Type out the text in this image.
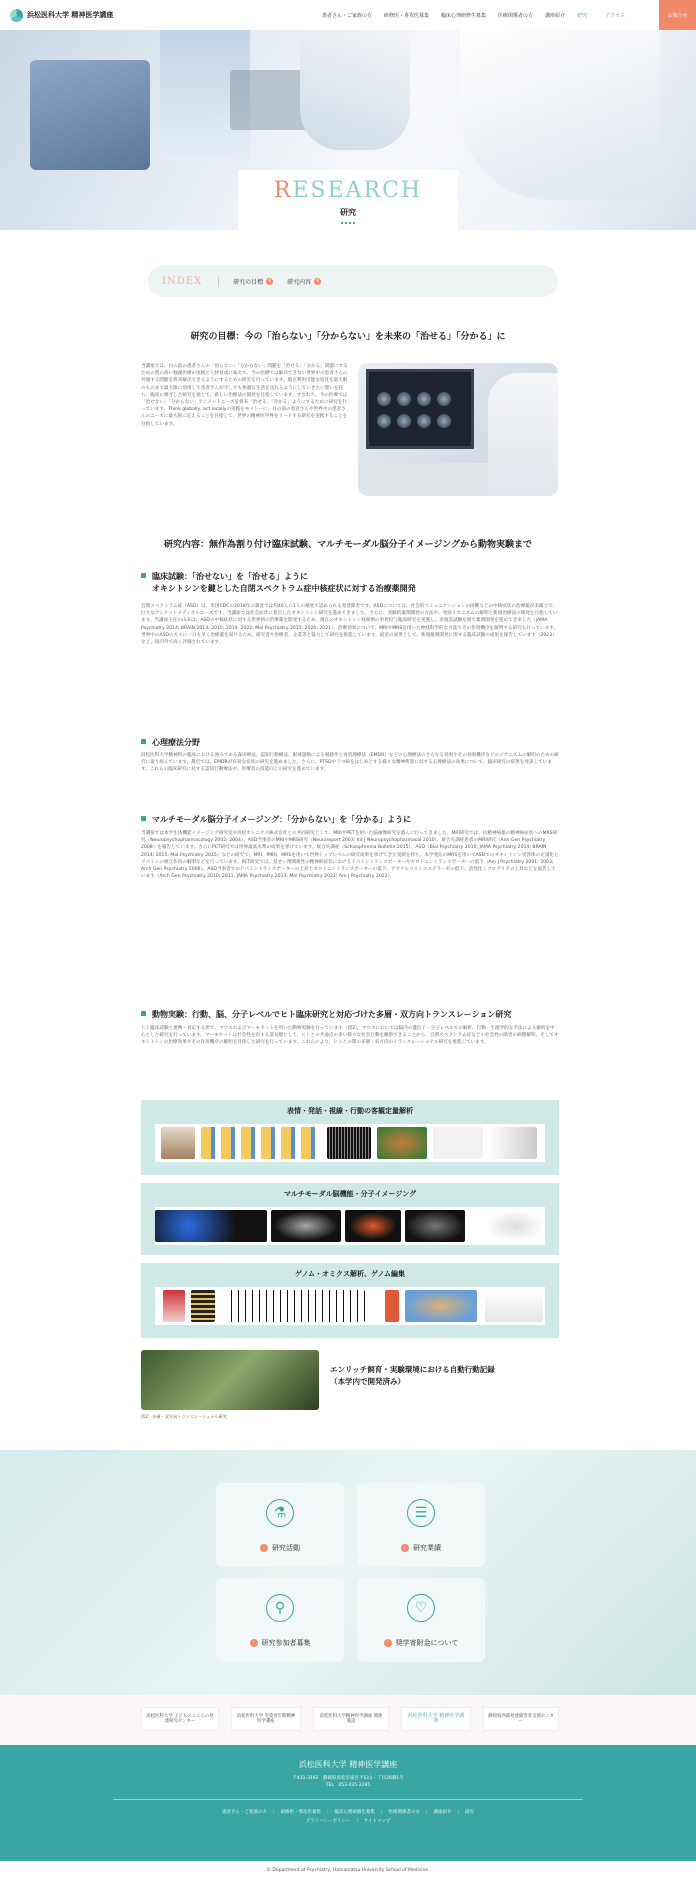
浜松医科大学 精神医学講座	患者さん・ご家族の方 研修医・専攻医募集 臨床心理研修生募集 医療関係者の方 講座紹介 研究	アクセス	お問合せ
RESEARCH
研究
INDEX	研究の目標	▾	研究内容	▾
研究の目標：今の「治らない」「分からない」を未来の「治せる」「分かる」に
当講座では、目の前の患者さんの「治らない」「分からない」問題を「治せる」「分かる」問題にするための質の高い独創医療の実践と人材育成に加えて、今の医療では解決できない世界中の患者さんに共通する問題を将来解決できるようにするための研究を行っています。現在利用可能な知見を最大限のものまで最大限に活用して患者さんが少しでも快適な生活を送れるようにしていきたい想いを持ち、臨床に根ざした研究を通じて、新しい治療法の開発を目指しています。すなわち、今の医療では「治せない」「分からない」アンメットニーズを将来「治せる」「分かる」ようにするために研究を行っています。Think globally, act locallyの実践をモットーに、目の前の患者さんや世界中の患者さんのニーズに最大限に応えることを目指して、世界の精神医学界をリードする研究を実践することを目指しています。
研究内容：無作為割り付け臨床試験、マルチモーダル脳分子イメージングから動物実験まで
臨床試験：「治せない」を「治せる」ように
オキシトシンを鍵とした自閉スペクトラム症中核症状に対する治療薬開発
自閉スペクトラム症（ASD）は、米国CDCの2018年の調査では約40人に1人の頻度で認められる発達障害です。ASDについては、社会的コミュニケーションの困難などの中核症状の治療薬が未確立で、巨大なアンメットメディカルニーズです。当講座では社会症状に着目したオキシトシン研究を進めてきました。さらに、実験的薬剤開発の方法や、発症メカニズムの解明と新規治療法の開発を目指しています。当講座主任の山末は、ASDの中核症状に対する世界初の治療薬を開発するため、現在のオキシトシン経鼻剤の単発投与臨床研究を実施し、多施設試験を経て薬剤開発を進めてきました（JAMA Psychiatry 2014; BRAIN 2014; 2015; 2019; 2022; Mol Psychiatry 2015; 2020; 2021）。治療効果について、MRIやMRSを用いた神経科学的な方法でその作用機序を解明する研究も行っています。世界中のASDの方々に一日も早く治療薬を届けるため、研究者や医療者、企業等と協力して研究を推進しています。最近の成果として、新規薬剤開発に関する臨床試験の成果を報告しています（2023）など、国内外で高く評価されています。
心理療法分野
浜松医科大学精神科の臨床における強みである森田療法、認知行動療法、眼球運動による脱感作と再処理療法（EMDR）などの心理療法のさらなる効果やその効果機序などのメカニズムの解明のための研究に取り組んでいます。最近では、EMDRが有効な症状の研究を進めました。さらに、PTSDやうつ病をはじめとする様々な精神疾患に対する心理療法の効果について、臨床研究の結果を発表しています。これらの臨床研究に対する認知行動療法や、医療者の技能向上の研究を進めています。
マルチモーダル脳分子イメージング：「分からない」を「分かる」ように
当講座では本学生体機能イメージング研究室や浜松ホトニクス株式会社との共同研究として、MRIやPETを用いた脳画像研究を盛んに行ってきました。MRI研究では、抗精神病薬の精神病症状へのMRS研究（Neuropsychopharmacology 2002; 2004）、ASD当事者のMRIやMRS研究（Neuroreport 2003; Int J Neuropsychopharmacol 2010）、統合失調症患者のMRI研究（Ann Gen Psychiatry 2008）を報告しています。さらにPET研究では世界最高水準の成果を挙げています。統合失調症（Schizophrenia Bulletin 2015）、ASD（Biol Psychiatry 2010; JAMA Psychiatry 2014; BRAIN 2014; 2015; Mol Psychiatry 2015）などの研究で、MRI、fMRI、MRSを用いて世界トップレベルの研究成果を挙げてきた実績を持ち、本学発信のMRSを用いてASDでのオキシトシン受容体の定量化とドパミンの相互作用の解明などを行っています。PET研究では、覚せい剤関連性の精神病症状におけるドパミントランスポーターやセロトニントランスポーターの低下（Am J Psychiatry 2001; 2003; Arch Gen Psychiatry 2006）、ASD当事者でのドパミントランスポーターの上昇とセロトニントランスポーターの低下、アセチルコリンエステラーゼの低下、活性化ミクログリアの上昇などを報告しています（Arch Gen Psychiatry 2010; 2011; JAMA Psychiatry 2013; Mol Psychiatry 2022; Am J Psychiatry 2022）。
動物実験：行動、脳、分子レベルでヒト臨床研究と対応づけた多層・双方向トランスレーション研究
ヒト臨床試験と連携・対応する形で、マウスおよびマーモセットを用いた動物実験を行っています（図2）。マウスにおいては脳内の遺伝子・分子レベルでの解析、行動・生理学的な手法による解析を中心とした研究を行っています。マーモセットは社会性を有する霊長類として、ヒトとの共通点の多い様々な社会行動を観察できることから、自閉スペクトラム症などの社会性の障害の病態解明、そしてオキシトシンの治療効果やその作用機序の解明を目指した研究を行っています。これらにより、ヒトとの間の多層・双方向のトランスレーショナル研究を推進しています。
表情・発話・視線・行動の客観定量解析
マルチモーダル脳機能・分子イメージング
ゲノム・オミクス解析、ゲノム編集
エンリッチ飼育・実験環境における自動行動記録
（本学内で開発済み）
図2：多層・双方向トランスレーショナル研究
⚗
›	研究活動
☰
›	研究業績
⚲
›	研究参加者募集
♡
›	奨学寄附金について
浜松医科大学 子どものこころの発達研究センター
浜松医科大学 児童青年期精神医学講座
浜松医科大学精神医学講座 関連施設
浜松医科大学 精神医学講座
静岡県西部発達障害者支援センター
浜松医科大学 精神医学講座
〒431-3192　静岡県浜松市東区半田山一丁目20番1号
TEL：053-435-2295
患者さん・ご家族の方　｜　研修医・専攻医募集　｜　臨床心理研修生募集　｜　医療関係者の方　｜　講座紹介　｜　研究
プライバシーポリシー　｜　サイトマップ
© Department of Psychiatry, Hamamatsu University School of Medicine.
